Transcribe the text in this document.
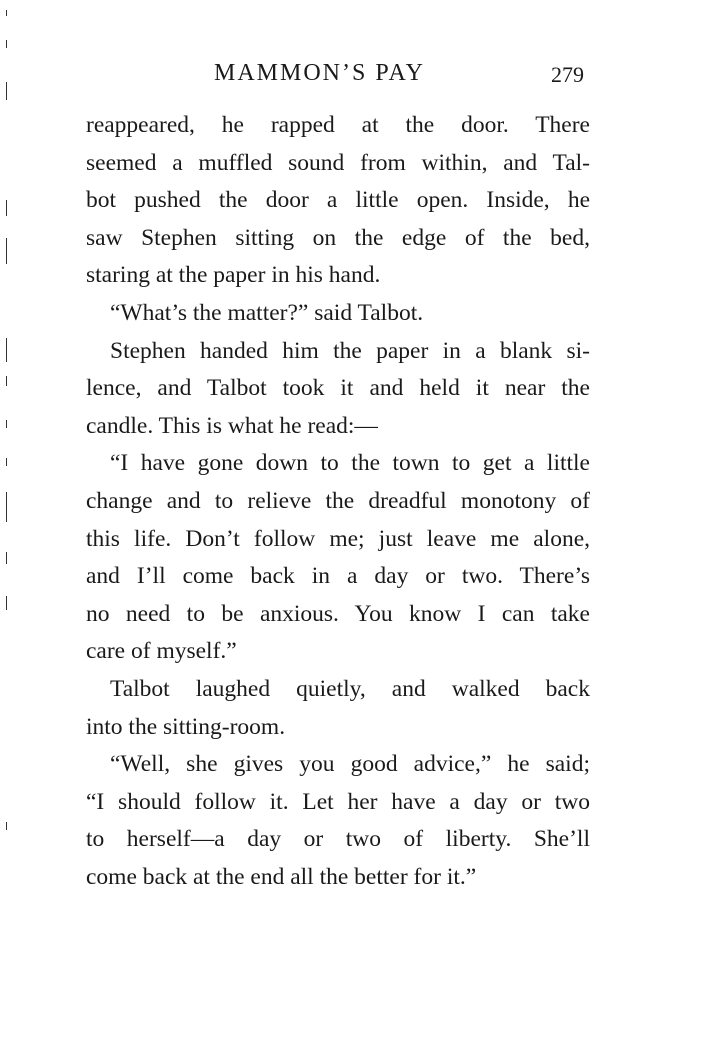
MAMMON’S PAY	279
reappeared, he rapped at the door. There
seemed a muffled sound from within, and Tal-
bot pushed the door a little open. Inside, he
saw Stephen sitting on the edge of the bed,
staring at the paper in his hand.
“What’s the matter?” said Talbot.
Stephen handed him the paper in a blank si-
lence, and Talbot took it and held it near the
candle. This is what he read:—
“I have gone down to the town to get a little
change and to relieve the dreadful monotony of
this life. Don’t follow me; just leave me alone,
and I’ll come back in a day or two. There’s
no need to be anxious. You know I can take
care of myself.”
Talbot laughed quietly, and walked back
into the sitting-room.
“Well, she gives you good advice,” he said;
“I should follow it. Let her have a day or two
to herself—a day or two of liberty. She’ll
come back at the end all the better for it.”
